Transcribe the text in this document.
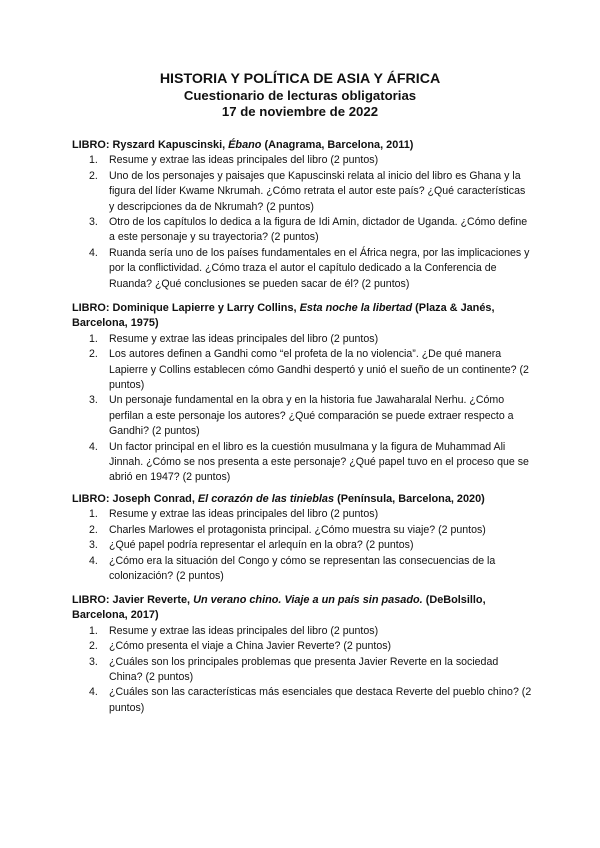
HISTORIA Y POLÍTICA DE ASIA Y ÁFRICA
Cuestionario de lecturas obligatorias
17 de noviembre de 2022
LIBRO: Ryszard Kapuscinski, Ébano (Anagrama, Barcelona, 2011)
1. Resume y extrae las ideas principales del libro (2 puntos)
2. Uno de los personajes y paisajes que Kapuscinski relata al inicio del libro es Ghana y la figura del líder Kwame Nkrumah. ¿Cómo retrata el autor este país? ¿Qué características y descripciones da de Nkrumah? (2 puntos)
3. Otro de los capítulos lo dedica a la figura de Idi Amin, dictador de Uganda. ¿Cómo define a este personaje y su trayectoria? (2 puntos)
4. Ruanda sería uno de los países fundamentales en el África negra, por las implicaciones y por la conflictividad. ¿Cómo traza el autor el capítulo dedicado a la Conferencia de Ruanda? ¿Qué conclusiones se pueden sacar de él? (2 puntos)
LIBRO: Dominique Lapierre y Larry Collins, Esta noche la libertad (Plaza & Janés, Barcelona, 1975)
1. Resume y extrae las ideas principales del libro (2 puntos)
2. Los autores definen a Gandhi como “el profeta de la no violencia”. ¿De qué manera Lapierre y Collins establecen cómo Gandhi despertó y unió el sueño de un continente? (2 puntos)
3. Un personaje fundamental en la obra y en la historia fue Jawaharalal Nerhu. ¿Cómo perfilan a este personaje los autores? ¿Qué comparación se puede extraer respecto a Gandhi? (2 puntos)
4. Un factor principal en el libro es la cuestión musulmana y la figura de Muhammad Ali Jinnah. ¿Cómo se nos presenta a este personaje? ¿Qué papel tuvo en el proceso que se abrió en 1947? (2 puntos)
LIBRO: Joseph Conrad, El corazón de las tinieblas (Península, Barcelona, 2020)
1. Resume y extrae las ideas principales del libro (2 puntos)
2. Charles Marlowes el protagonista principal. ¿Cómo muestra su viaje? (2 puntos)
3. ¿Qué papel podría representar el arlequín en la obra? (2 puntos)
4. ¿Cómo era la situación del Congo y cómo se representan las consecuencias de la colonización? (2 puntos)
LIBRO: Javier Reverte, Un verano chino. Viaje a un país sin pasado. (DeBolsillo, Barcelona, 2017)
1. Resume y extrae las ideas principales del libro (2 puntos)
2. ¿Cómo presenta el viaje a China Javier Reverte? (2 puntos)
3. ¿Cuáles son los principales problemas que presenta Javier Reverte en la sociedad China? (2 puntos)
4. ¿Cuáles son las características más esenciales que destaca Reverte del pueblo chino? (2 puntos)
